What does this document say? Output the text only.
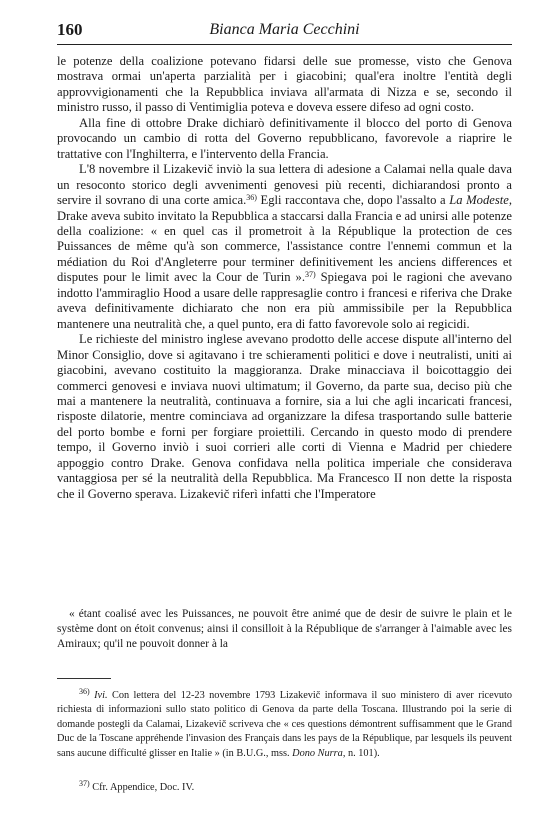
160	Bianca Maria Cecchini

le potenze della coalizione potevano fidarsi delle sue promesse, visto che Genova mostrava ormai un'aperta parzialità per i giacobini; qual'era inoltre l'entità degli approvvigionamenti che la Repubblica inviava all'armata di Nizza e se, secondo il ministro russo, il passo di Ventimiglia poteva e doveva essere difeso ad ogni costo.

Alla fine di ottobre Drake dichiarò definitivamente il blocco del porto di Genova provocando un cambio di rotta del Governo repubblicano, favorevole a riaprire le trattative con l'Inghilterra, e l'intervento della Francia.

L'8 novembre il Lizakevič inviò la sua lettera di adesione a Calamai nella quale dava un resoconto storico degli avvenimenti genovesi più recenti, dichiarandosi pronto a servire il sovrano di una corte amica.$^{36)}$ Egli raccontava che, dopo l'assalto a La Modeste, Drake aveva subito invitato la Repubblica a staccarsi dalla Francia e ad unirsi alle potenze della coalizione: « en quel cas il prometroit à la République la protection de ces Puissances de même qu'à son commerce, l'assistance contre l'ennemi commun et la médiation du Roi d'Angleterre pour terminer definitivement les anciens differences et disputes pour le limit avec la Cour de Turin ».$^{37)}$ Spiegava poi le ragioni che avevano indotto l'ammiraglio Hood a usare delle rappresaglie contro i francesi e riferiva che Drake aveva definitivamente dichiarato che non era più ammissibile per la Repubblica mantenere una neutralità che, a quel punto, era di fatto favorevole solo ai regicidi.

Le richieste del ministro inglese avevano prodotto delle accese dispute all'interno del Minor Consiglio, dove si agitavano i tre schieramenti politici e dove i neutralisti, uniti ai giacobini, avevano costituito la maggioranza. Drake minacciava il boicottaggio dei commerci genovesi e inviava nuovi ultimatum; il Governo, da parte sua, deciso più che mai a mantenere la neutralità, continuava a fornire, sia a lui che agli incaricati francesi, risposte dilatorie, mentre cominciava ad organizzare la difesa trasportando sulle batterie del porto bombe e forni per forgiare proiettili. Cercando in questo modo di prendere tempo, il Governo inviò i suoi corrieri alle corti di Vienna e Madrid per chiedere appoggio contro Drake. Genova confidava nella politica imperiale che considerava vantaggiosa per sé la neutralità della Repubblica. Ma Francesco II non dette la risposta che il Governo sperava. Lizakevič riferì infatti che l'Imperatore

« étant coalisé avec les Puissances, ne pouvoit être animé que de desir de suivre le plain et le système dont on étoit convenus; ainsi il consilloit à la République de s'arranger à l'aimable avec les Amiraux; qu'il ne pouvoit donner à la

$^{36)}$ Ivi. Con lettera del 12-23 novembre 1793 Lizakevič informava il suo ministero di aver ricevuto richiesta di informazioni sullo stato politico di Genova da parte della Toscana. Illustrando poi la serie di domande postegli da Calamai, Lizakevič scriveva che « ces questions démontrent suffisamment que le Grand Duc de la Toscane appréhende l'invasion des Français dans les pays de la République, par lesquels ils peuvent sans aucune difficulté glisser en Italie » (in B.U.G., mss. Dono Nurra, n. 101).

$^{37)}$ Cfr. Appendice, Doc. IV.
